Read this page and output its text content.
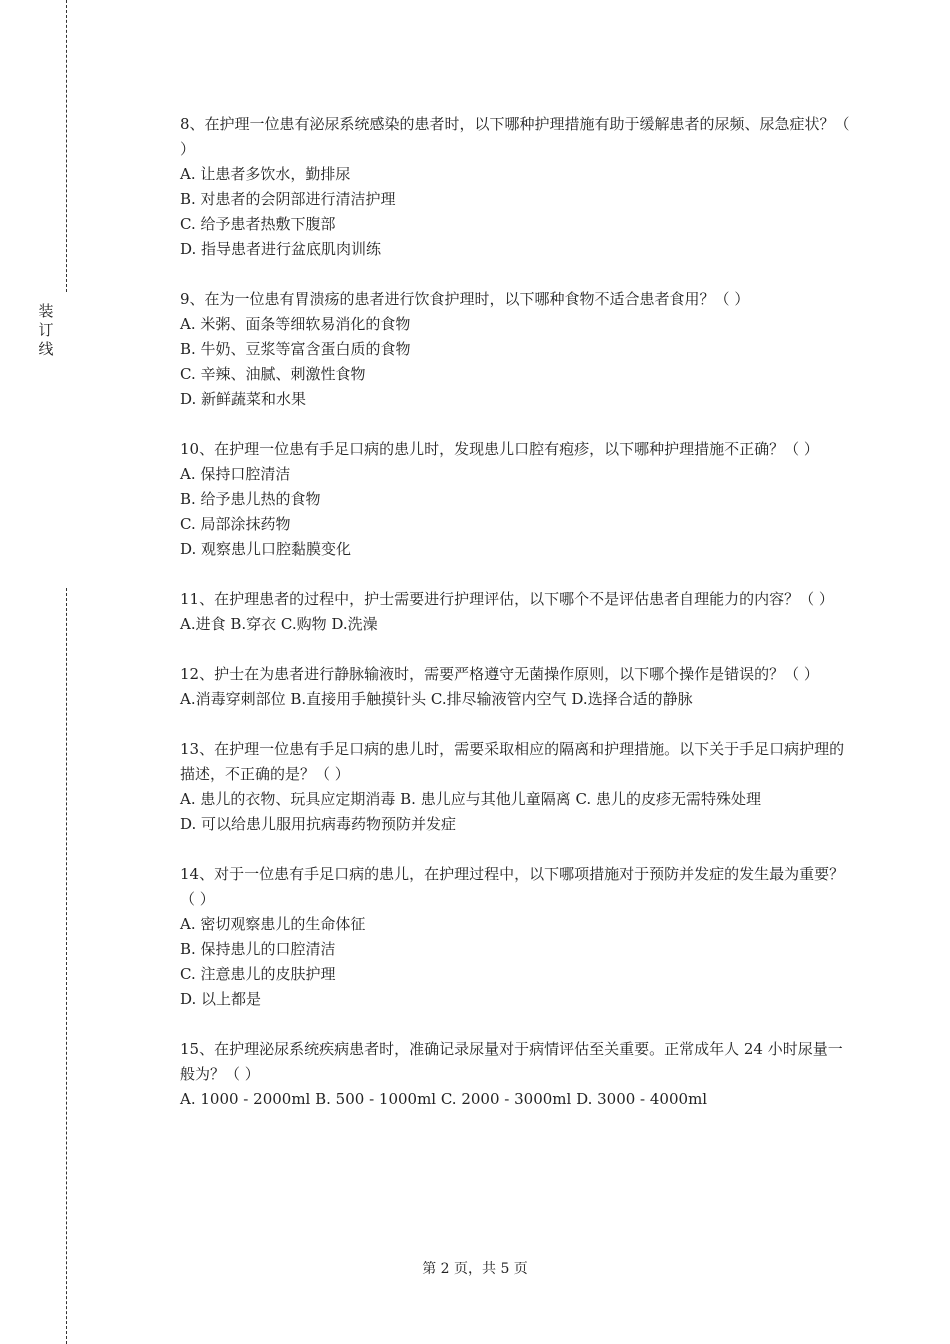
装
订
线
8、在护理一位患有泌尿系统感染的患者时，以下哪种护理措施有助于缓解患者的尿频、尿急症状？（ ）
A. 让患者多饮水，勤排尿
B. 对患者的会阴部进行清洁护理
C. 给予患者热敷下腹部
D. 指导患者进行盆底肌肉训练
9、在为一位患有胃溃疡的患者进行饮食护理时，以下哪种食物不适合患者食用？（ ）
A. 米粥、面条等细软易消化的食物
B. 牛奶、豆浆等富含蛋白质的食物
C. 辛辣、油腻、刺激性食物
D. 新鲜蔬菜和水果
10、在护理一位患有手足口病的患儿时，发现患儿口腔有疱疹，以下哪种护理措施不正确？（ ）
A. 保持口腔清洁
B. 给予患儿热的食物
C. 局部涂抹药物
D. 观察患儿口腔黏膜变化
11、在护理患者的过程中，护士需要进行护理评估，以下哪个不是评估患者自理能力的内容？（ ）
A.进食 B.穿衣 C.购物 D.洗澡
12、护士在为患者进行静脉输液时，需要严格遵守无菌操作原则，以下哪个操作是错误的？（ ）
A.消毒穿刺部位 B.直接用手触摸针头 C.排尽输液管内空气 D.选择合适的静脉
13、在护理一位患有手足口病的患儿时，需要采取相应的隔离和护理措施。以下关于手足口病护理的描述，不正确的是？（ ）
A. 患儿的衣物、玩具应定期消毒 B. 患儿应与其他儿童隔离 C. 患儿的皮疹无需特殊处理
D. 可以给患儿服用抗病毒药物预防并发症
14、对于一位患有手足口病的患儿，在护理过程中，以下哪项措施对于预防并发症的发生最为重要？（ ）
A. 密切观察患儿的生命体征
B. 保持患儿的口腔清洁
C. 注意患儿的皮肤护理
D. 以上都是
15、在护理泌尿系统疾病患者时，准确记录尿量对于病情评估至关重要。正常成年人 24 小时尿量一般为？（ ）
A. 1000 - 2000ml B. 500 - 1000ml C. 2000 - 3000ml D. 3000 - 4000ml
第 2 页，共 5 页
